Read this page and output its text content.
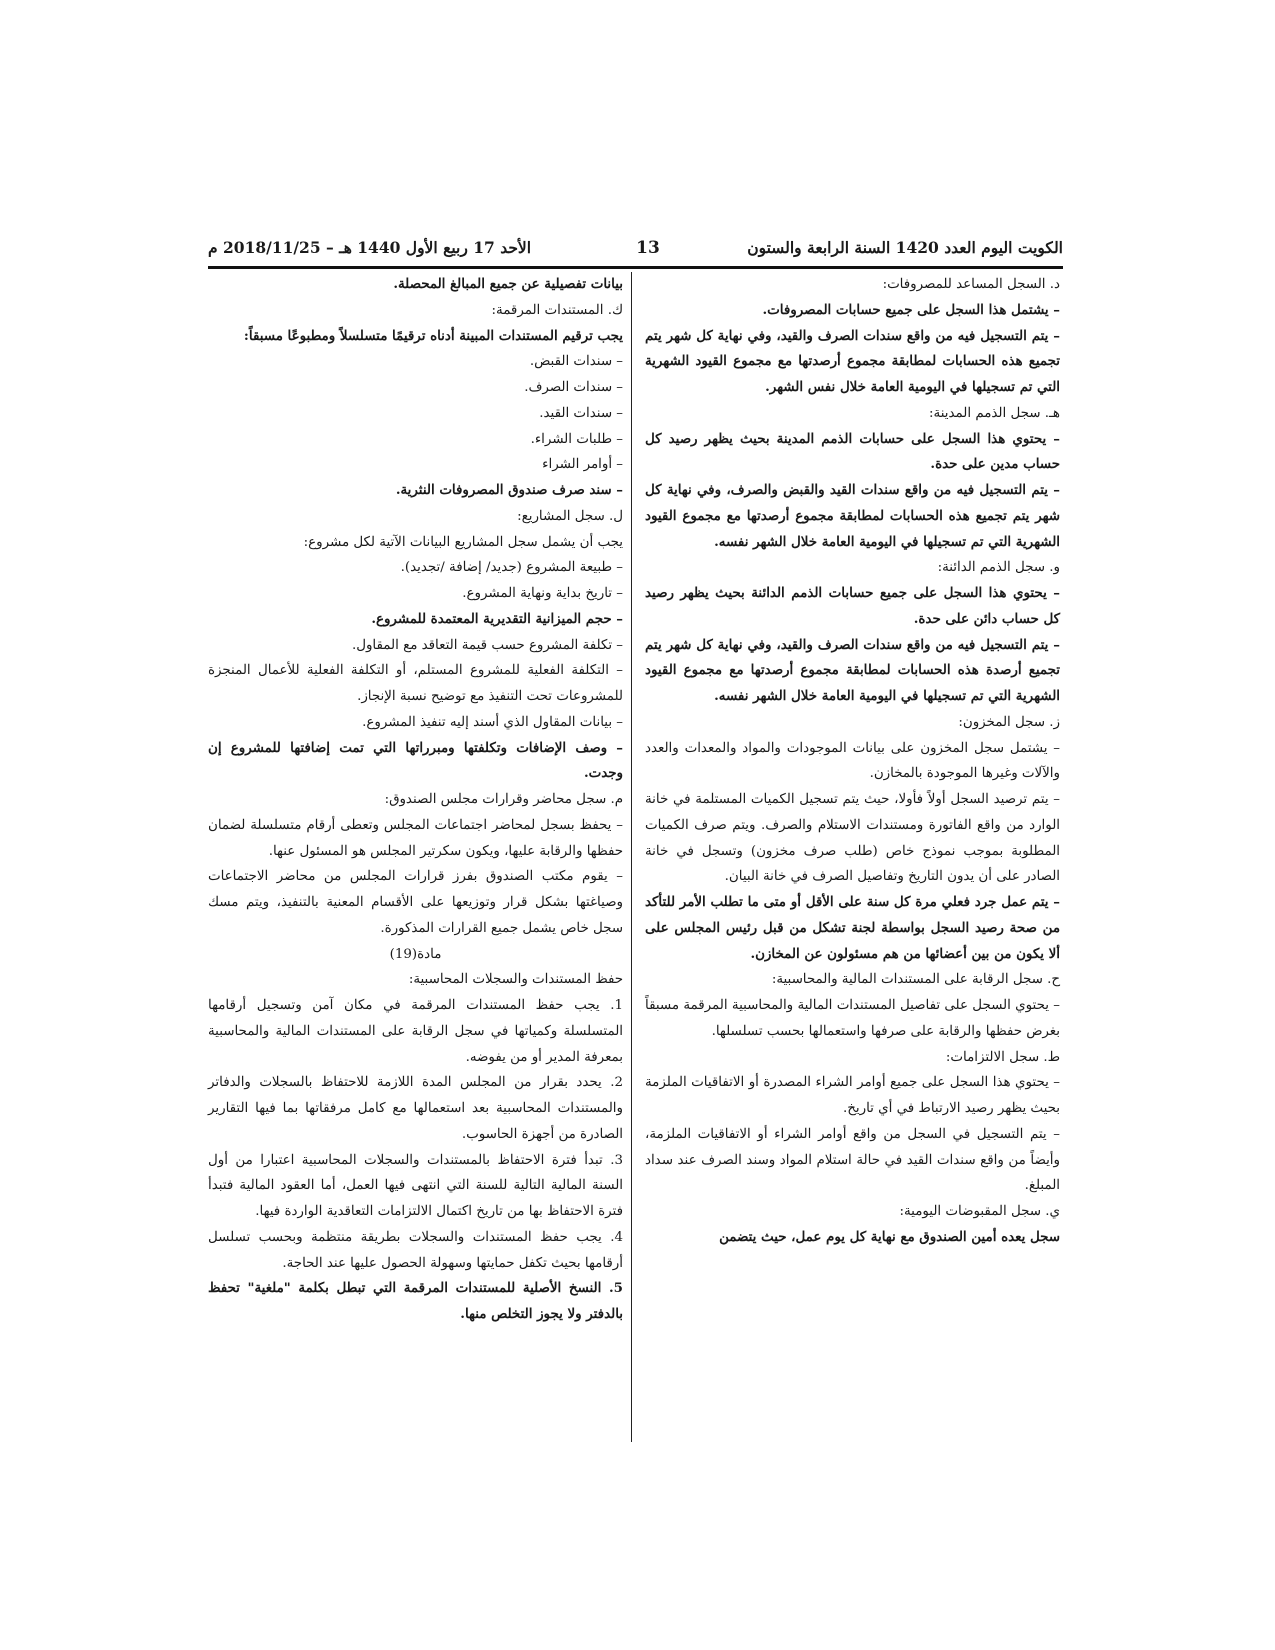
الكويت اليوم العدد 1420 السنة الرابعة والستون
13
الأحد 17 ربيع الأول 1440 هـ – 2018/11/25 م

د. السجل المساعد للمصروفات:

– يشتمل هذا السجل على جميع حسابات المصروفات.

– يتم التسجيل فيه من واقع سندات الصرف والقيد، وفي نهاية كل شهر يتم تجميع هذه الحسابات لمطابقة مجموع أرصدتها مع مجموع القيود الشهرية التي تم تسجيلها في اليومية العامة خلال نفس الشهر.

هـ. سجل الذمم المدينة:

– يحتوي هذا السجل على حسابات الذمم المدينة بحيث يظهر رصيد كل حساب مدين على حدة.

– يتم التسجيل فيه من واقع سندات القيد والقبض والصرف، وفي نهاية كل شهر يتم تجميع هذه الحسابات لمطابقة مجموع أرصدتها مع مجموع القيود الشهرية التي تم تسجيلها في اليومية العامة خلال الشهر نفسه.

و. سجل الذمم الدائنة:

– يحتوي هذا السجل على جميع حسابات الذمم الدائنة بحيث يظهر رصيد كل حساب دائن على حدة.

– يتم التسجيل فيه من واقع سندات الصرف والقيد، وفي نهاية كل شهر يتم تجميع أرصدة هذه الحسابات لمطابقة مجموع أرصدتها مع مجموع القيود الشهرية التي تم تسجيلها في اليومية العامة خلال الشهر نفسه.

ز. سجل المخزون:

– يشتمل سجل المخزون على بيانات الموجودات والمواد والمعدات والعدد والآلات وغيرها الموجودة بالمخازن.

– يتم ترصيد السجل أولاً فأولا، حيث يتم تسجيل الكميات المستلمة في خانة الوارد من واقع الفاتورة ومستندات الاستلام والصرف. ويتم صرف الكميات المطلوبة بموجب نموذج خاص (طلب صرف مخزون) وتسجل في خانة الصادر على أن يدون التاريخ وتفاصيل الصرف في خانة البيان.

– يتم عمل جرد فعلي مرة كل سنة على الأقل أو متى ما تطلب الأمر للتأكد من صحة رصيد السجل بواسطة لجنة تشكل من قبل رئيس المجلس على ألا يكون من بين أعضائها من هم مسئولون عن المخازن.

ح. سجل الرقابة على المستندات المالية والمحاسبية:

– يحتوي السجل على تفاصيل المستندات المالية والمحاسبية المرقمة مسبقاً بغرض حفظها والرقابة على صرفها واستعمالها بحسب تسلسلها.

ط. سجل الالتزامات:

– يحتوي هذا السجل على جميع أوامر الشراء المصدرة أو الاتفاقيات الملزمة بحيث يظهر رصيد الارتباط في أي تاريخ.

– يتم التسجيل في السجل من واقع أوامر الشراء أو الاتفاقيات الملزمة، وأيضاً من واقع سندات القيد في حالة استلام المواد وسند الصرف عند سداد المبلغ.

ي. سجل المقبوضات اليومية:

سجل يعده أمين الصندوق مع نهاية كل يوم عمل، حيث يتضمن

بيانات تفصيلية عن جميع المبالغ المحصلة.

ك. المستندات المرقمة:

يجب ترقيم المستندات المبينة أدناه ترقيمًا متسلسلاً ومطبوعًا مسبقاً:

– سندات القبض.

– سندات الصرف.

– سندات القيد.

– طلبات الشراء.

– أوامر الشراء

– سند صرف صندوق المصروفات النثرية.

ل. سجل المشاريع:

يجب أن يشمل سجل المشاريع البيانات الآتية لكل مشروع:

– طبيعة المشروع (جديد/ إضافة /تجديد).

– تاريخ بداية ونهاية المشروع.

– حجم الميزانية التقديرية المعتمدة للمشروع.

– تكلفة المشروع حسب قيمة التعاقد مع المقاول.

– التكلفة الفعلية للمشروع المستلم، أو التكلفة الفعلية للأعمال المنجزة للمشروعات تحت التنفيذ مع توضيح نسبة الإنجاز.

– بيانات المقاول الذي أسند إليه تنفيذ المشروع.

– وصف الإضافات وتكلفتها ومبرراتها التي تمت إضافتها للمشروع إن وجدت.

م. سجل محاضر وقرارات مجلس الصندوق:

– يحفظ بسجل لمحاضر اجتماعات المجلس وتعطى أرقام متسلسلة لضمان حفظها والرقابة عليها، ويكون سكرتير المجلس هو المسئول عنها.

– يقوم مكتب الصندوق بفرز قرارات المجلس من محاضر الاجتماعات وصياغتها بشكل قرار وتوزيعها على الأقسام المعنية بالتنفيذ، ويتم مسك سجل خاص يشمل جميع القرارات المذكورة.

مادة(19)

حفظ المستندات والسجلات المحاسبية:

1. يجب حفظ المستندات المرقمة في مكان آمن وتسجيل أرقامها المتسلسلة وكمياتها في سجل الرقابة على المستندات المالية والمحاسبية بمعرفة المدير أو من يفوضه.

2. يحدد بقرار من المجلس المدة اللازمة للاحتفاظ بالسجلات والدفاتر والمستندات المحاسبية بعد استعمالها مع كامل مرفقاتها بما فيها التقارير الصادرة من أجهزة الحاسوب.

3. تبدأ فترة الاحتفاظ بالمستندات والسجلات المحاسبية اعتبارا من أول السنة المالية التالية للسنة التي انتهى فيها العمل، أما العقود المالية فتبدأ فترة الاحتفاظ بها من تاريخ اكتمال الالتزامات التعاقدية الواردة فيها.

4. يجب حفظ المستندات والسجلات بطريقة منتظمة وبحسب تسلسل أرقامها بحيث تكفل حمايتها وسهولة الحصول عليها عند الحاجة.

5. النسخ الأصلية للمستندات المرقمة التي تبطل بكلمة "ملغية" تحفظ بالدفتر ولا يجوز التخلص منها.
